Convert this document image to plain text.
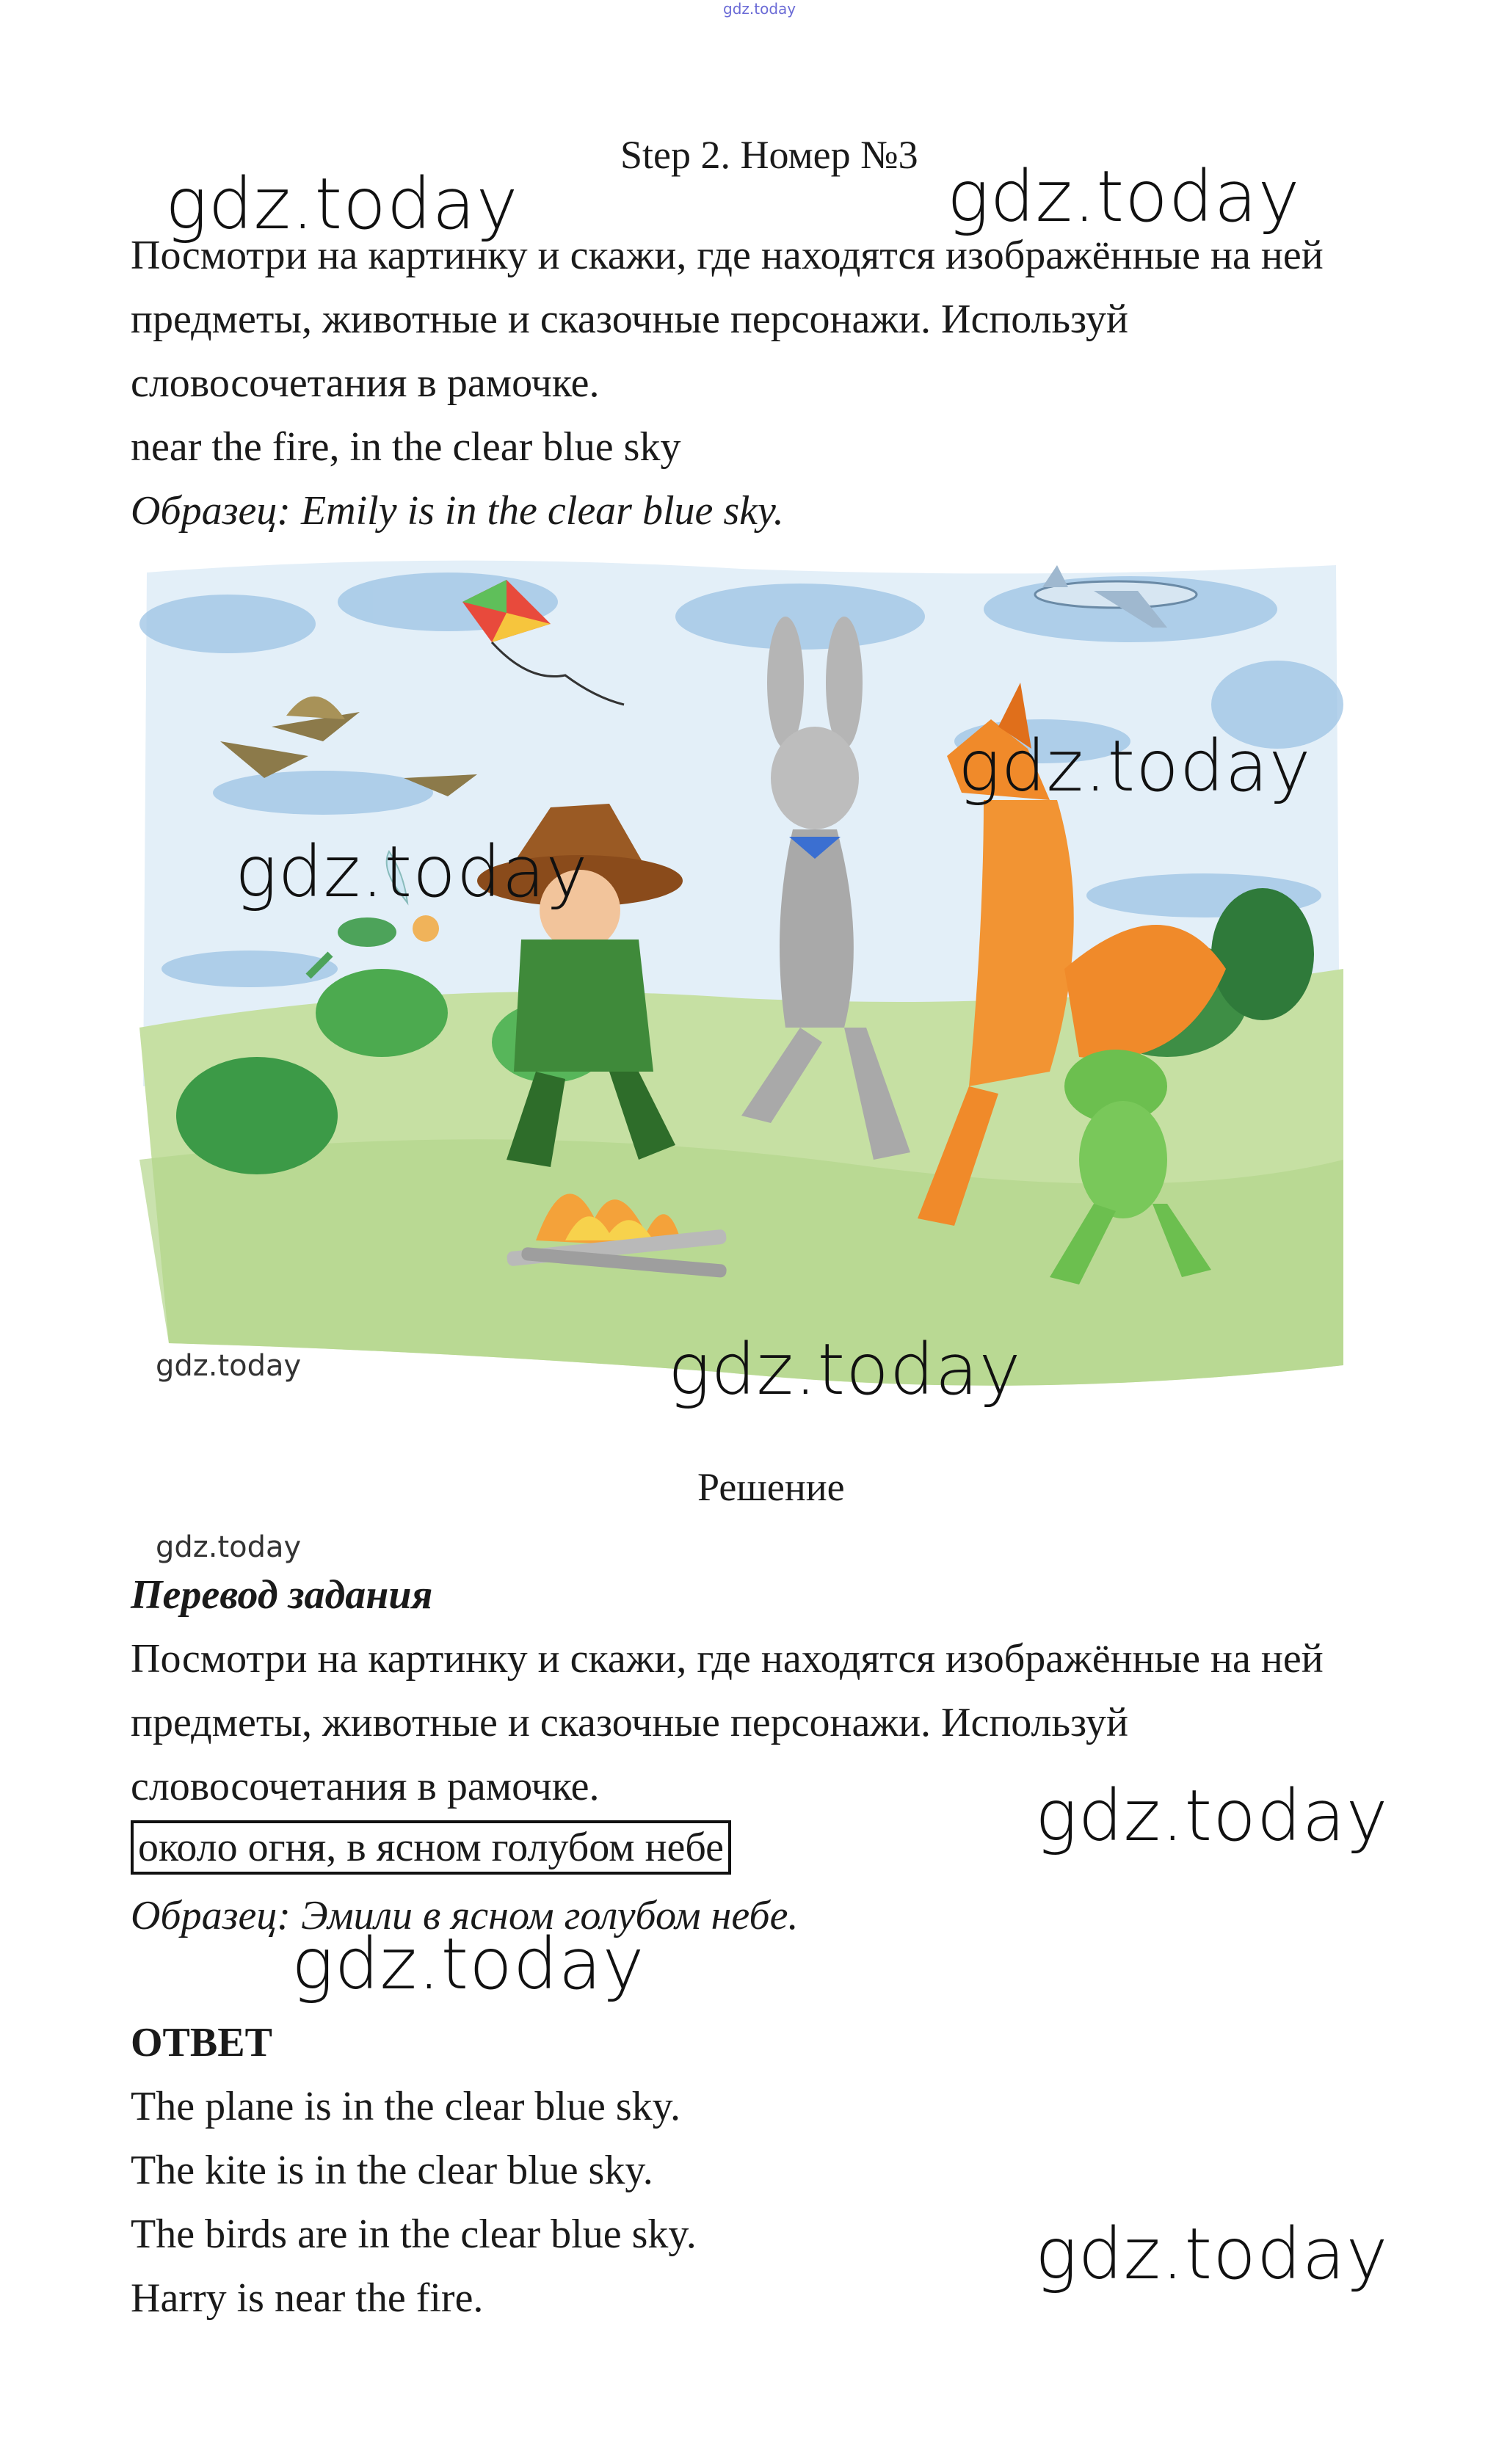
gdz.today
Step 2. Номер №3
gdz.today	gdz.today
Посмотри на картинку и скажи, где находятся изображённые на ней
предметы, животные и сказочные персонажи. Используй
словосочетания в рамочке.
near the fire, in the clear blue sky
Образец: Emily is in the clear blue sky.
gdz.today
gdz.today
gdz.today	gdz.today
Решение
gdz.today
Перевод задания
Посмотри на картинку и скажи, где находятся изображённые на ней
предметы, животные и сказочные персонажи. Используй
словосочетания в рамочке.
около огня, в ясном голубом небе
Образец: Эмили в ясном голубом небе.
gdz.today
gdz.today
ОТВЕТ
The plane is in the clear blue sky.
The kite is in the clear blue sky.
The birds are in the clear blue sky.
Harry is near the fire.
gdz.today
